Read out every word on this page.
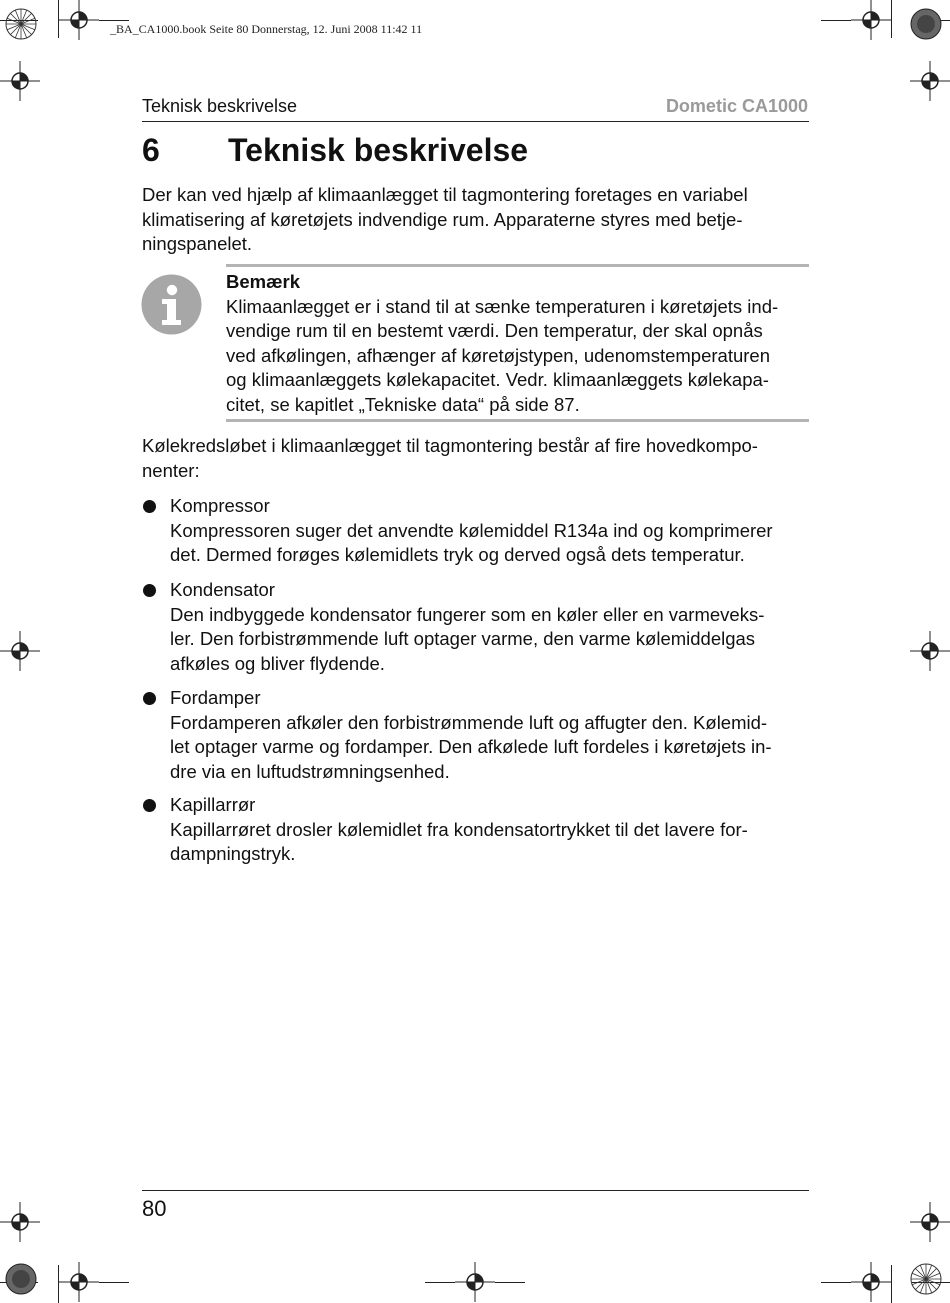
_BA_CA1000.book Seite 80 Donnerstag, 12. Juni 2008 11:42 11
Teknisk beskrivelse	Dometic CA1000
6 Teknisk beskrivelse
Der kan ved hjælp af klimaanlægget til tagmontering foretages en variabel
klimatisering af køretøjets indvendige rum. Apparaterne styres med betje-
ningspanelet.
Bemærk
Klimaanlægget er i stand til at sænke temperaturen i køretøjets ind-
vendige rum til en bestemt værdi. Den temperatur, der skal opnås
ved afkølingen, afhænger af køretøjstypen, udenomstemperaturen
og klimaanlæggets kølekapacitet. Vedr. klimaanlæggets kølekapa-
citet, se kapitlet „Tekniske data“ på side 87.
Kølekredsløbet i klimaanlægget til tagmontering består af fire hovedkompo-
nenter:
Kompressor
Kompressoren suger det anvendte kølemiddel R134a ind og komprimerer
det. Dermed forøges kølemidlets tryk og derved også dets temperatur.
Kondensator
Den indbyggede kondensator fungerer som en køler eller en varmeveks-
ler. Den forbistrømmende luft optager varme, den varme kølemiddelgas
afkøles og bliver flydende.
Fordamper
Fordamperen afkøler den forbistrømmende luft og affugter den. Kølemid-
let optager varme og fordamper. Den afkølede luft fordeles i køretøjets in-
dre via en luftudstrømningsenhed.
Kapillarrør
Kapillarrøret drosler kølemidlet fra kondensatortrykket til det lavere for-
dampningstryk.
80
